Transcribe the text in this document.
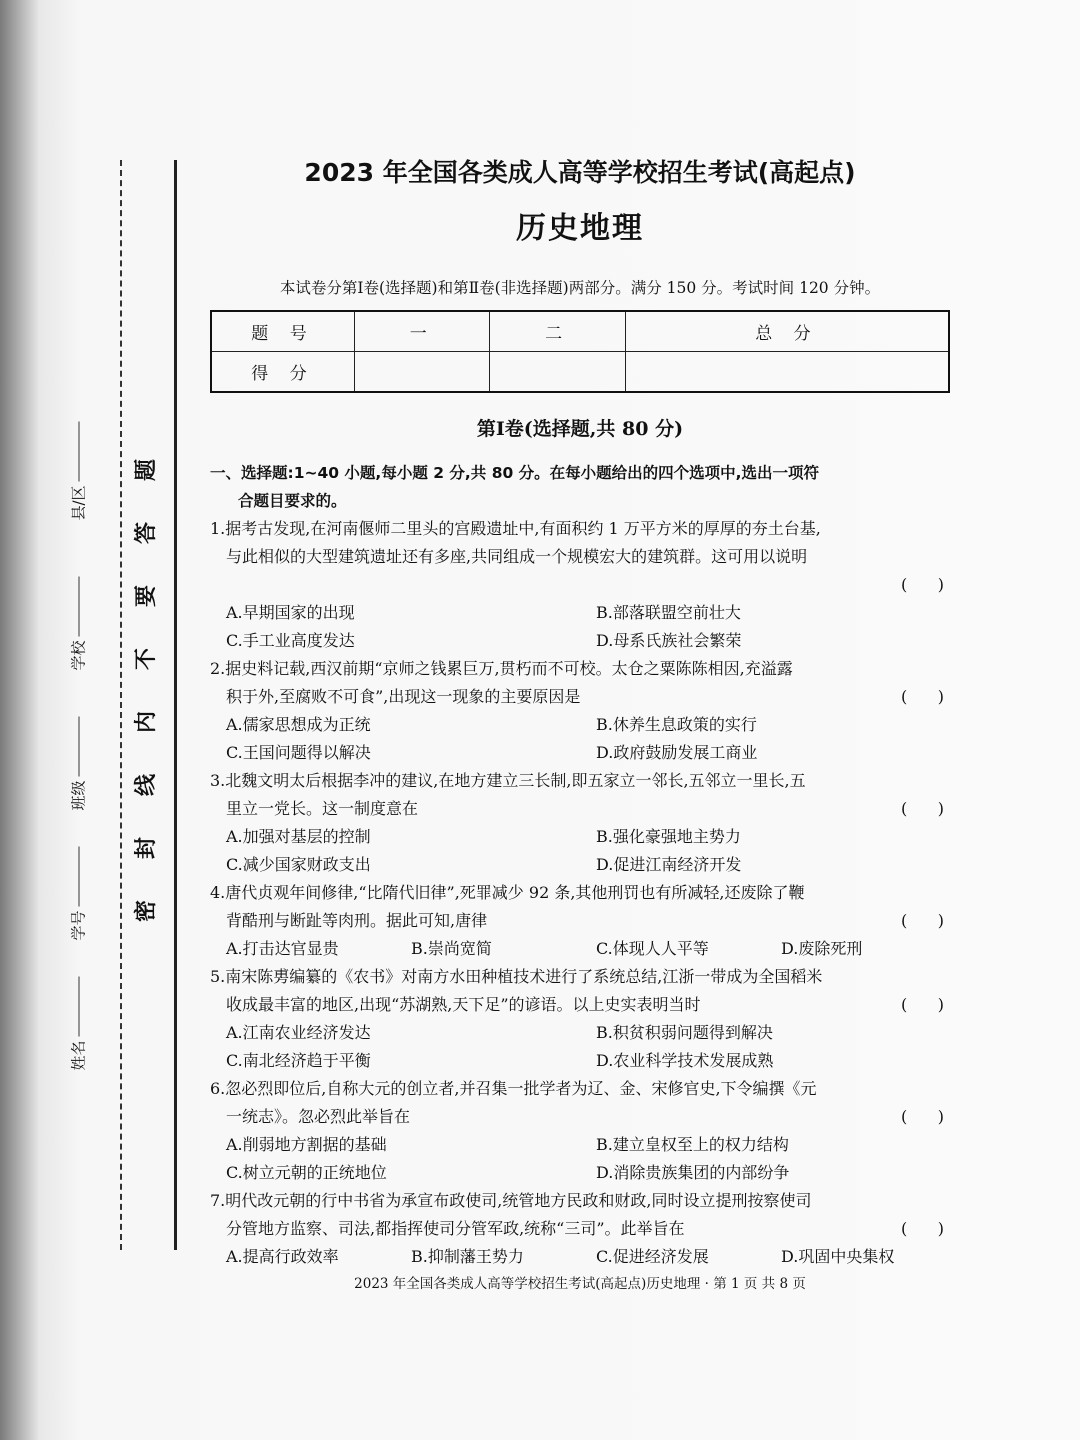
题
答
要
不
内
线
封
密
姓名
学号
班级
学校
县/区
2023 年全国各类成人高等学校招生考试(高起点)
历史地理
本试卷分第Ⅰ卷(选择题)和第Ⅱ卷(非选择题)两部分。满分 150 分。考试时间 120 分钟。
题 号	一	二	总 分
得 分			
第Ⅰ卷(选择题,共 80 分)
一、选择题:1~40 小题,每小题 2 分,共 80 分。在每小题给出的四个选项中,选出一项符
合题目要求的。
1.据考古发现,在河南偃师二里头的宫殿遗址中,有面积约 1 万平方米的厚厚的夯土台基,
与此相似的大型建筑遗址还有多座,共同组成一个规模宏大的建筑群。这可用以说明
(      )
A.早期国家的出现	B.部落联盟空前壮大
C.手工业高度发达	D.母系氏族社会繁荣
2.据史料记载,西汉前期“京师之钱累巨万,贯朽而不可校。太仓之粟陈陈相因,充溢露
积于外,至腐败不可食”,出现这一现象的主要原因是	(      )
A.儒家思想成为正统	B.休养生息政策的实行
C.王国问题得以解决	D.政府鼓励发展工商业
3.北魏文明太后根据李冲的建议,在地方建立三长制,即五家立一邻长,五邻立一里长,五
里立一党长。这一制度意在	(      )
A.加强对基层的控制	B.强化豪强地主势力
C.减少国家财政支出	D.促进江南经济开发
4.唐代贞观年间修律,“比隋代旧律”,死罪减少 92 条,其他刑罚也有所减轻,还废除了鞭
背酷刑与断趾等肉刑。据此可知,唐律	(      )
A.打击达官显贵	B.崇尚宽简	C.体现人人平等	D.废除死刑
5.南宋陈旉编纂的《农书》对南方水田种植技术进行了系统总结,江浙一带成为全国稻米
收成最丰富的地区,出现“苏湖熟,天下足”的谚语。以上史实表明当时	(      )
A.江南农业经济发达	B.积贫积弱问题得到解决
C.南北经济趋于平衡	D.农业科学技术发展成熟
6.忽必烈即位后,自称大元的创立者,并召集一批学者为辽、金、宋修官史,下令编撰《元
一统志》。忽必烈此举旨在	(      )
A.削弱地方割据的基础	B.建立皇权至上的权力结构
C.树立元朝的正统地位	D.消除贵族集团的内部纷争
7.明代改元朝的行中书省为承宣布政使司,统管地方民政和财政,同时设立提刑按察使司
分管地方监察、司法,都指挥使司分管军政,统称“三司”。此举旨在	(      )
A.提高行政效率	B.抑制藩王势力	C.促进经济发展	D.巩固中央集权
2023 年全国各类成人高等学校招生考试(高起点)历史地理 · 第 1 页 共 8 页
